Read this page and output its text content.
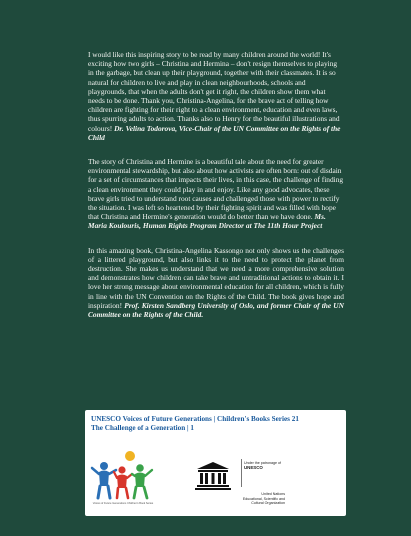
I would like this inspiring story to be read by many children around the world! It's exciting how two girls – Christina and Hermina – don't resign themselves to playing in the garbage, but clean up their playground, together with their classmates. It is so natural for children to live and play in clean neighbourhoods, schools and playgrounds, that when the adults don't get it right, the children show them what needs to be done. Thank you, Christina-Angelina, for the brave act of telling how children are fighting for their right to a clean environment, education and even laws, thus spurring adults to action. Thanks also to Henry for the beautiful illustrations and colours! Dr. Velina Todorova, Vice-Chair of the UN Committee on the Rights of the Child

The story of Christina and Hermine is a beautiful tale about the need for greater environmental stewardship, but also about how activists are often born: out of disdain for a set of circumstances that impacts their lives, in this case, the challenge of finding a clean environment they could play in and enjoy. Like any good advocates, these brave girls tried to understand root causes and challenged those with power to rectify the situation. I was left so heartened by their fighting spirit and was filled with hope that Christina and Hermine's generation would do better than we have done. Ms. Maria Koulouris, Human Rights Program Director at The 11th Hour Project

In this amazing book, Christina-Angelina Kassongo not only shows us the challenges of a littered playground, but also links it to the need to protect the planet from destruction. She makes us understand that we need a more comprehensive solution and demonstrates how children can take brave and untraditional actions to obtain it. I love her strong message about environmental education for all children, which is fully in line with the UN Convention on the Rights of the Child. The book gives hope and inspiration! Prof. Kirsten Sandberg University of Oslo, and former Chair of the UN Committee on the Rights of the Child.

UNESCO Voices of Future Generations | Children's Books Series 21
The Challenge of a Generation | 1
Voices of Future Generations Children's Book Series
United Nations
Educational, Scientific and
Cultural Organization
Under the patronage of
UNESCO
